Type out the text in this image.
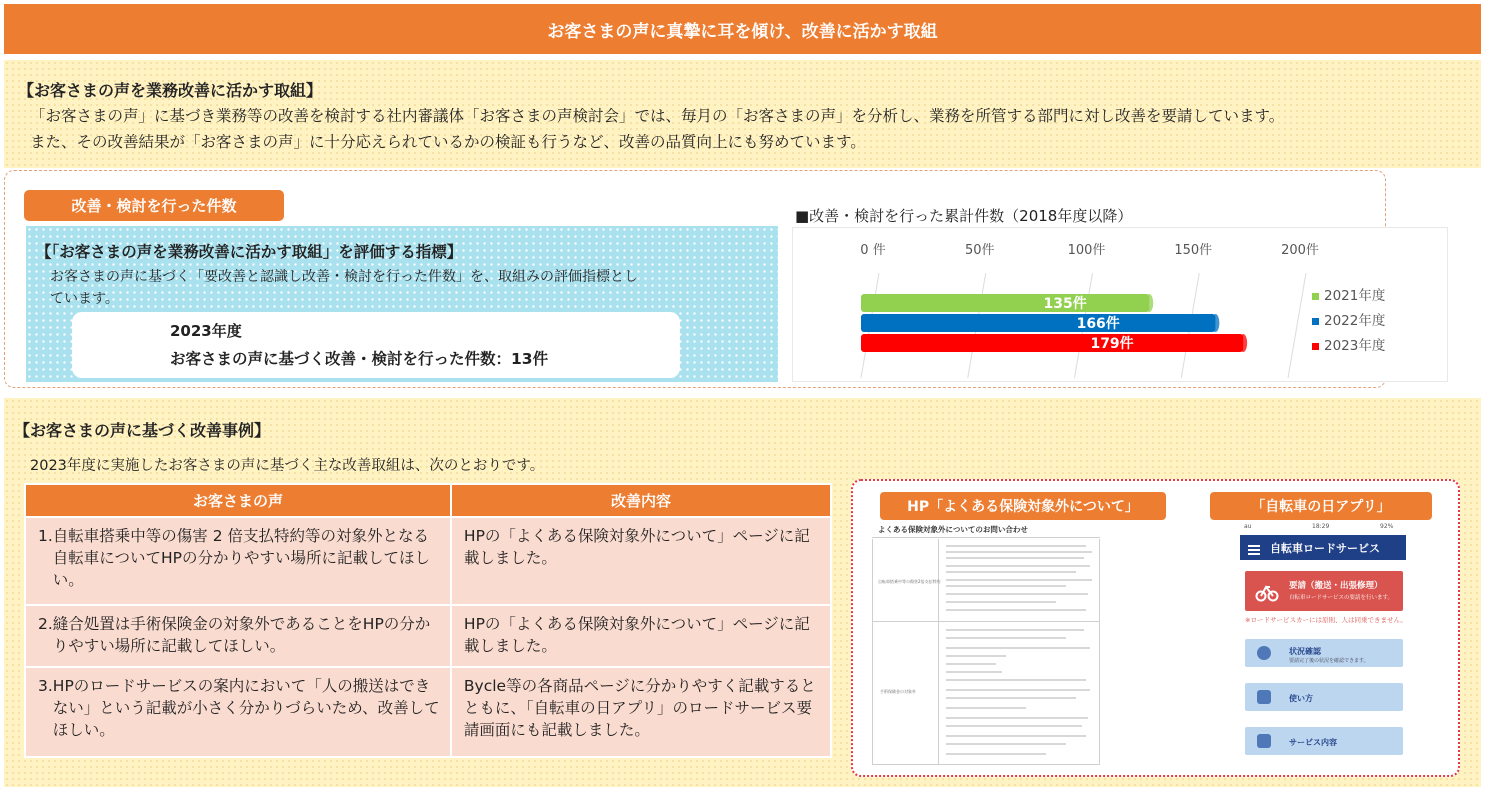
お客さまの声に真摯に耳を傾け、改善に活かす取組
【お客さまの声を業務改善に活かす取組】
「お客さまの声」に基づき業務等の改善を検討する社内審議体「お客さまの声検討会」では、毎月の「お客さまの声」を分析し、業務を所管する部門に対し改善を要請しています。
また、その改善結果が「お客さまの声」に十分応えられているかの検証も行うなど、改善の品質向上にも努めています。
改善・検討を行った件数
【「お客さまの声を業務改善に活かす取組」を評価する指標】
お客さまの声に基づく「要改善と認識し改善・検討を行った件数」を、取組みの評価指標とし
ています。
2023年度
お客さまの声に基づく改善・検討を行った件数：13件
■改善・検討を行った累計件数（2018年度以降）
0 件	50件	100件	150件	200件
135件
166件
179件
2021年度
2022年度
2023年度
【お客さまの声に基づく改善事例】
2023年度に実施したお客さまの声に基づく主な改善取組は、次のとおりです。
お客さまの声	改善内容

1. 自転車搭乗中等の傷害 2 倍支払特約等の対象外となる自転車についてHPの分かりやすい場所に記載してほしい。	HPの「よくある保険対象外について」ページに記載しました。

2. 縫合処置は手術保険金の対象外であることをHPの分かりやすい場所に記載してほしい。	HPの「よくある保険対象外について」ページに記載しました。

3. HPのロードサービスの案内において「人の搬送はできない」という記載が小さく分かりづらいため、改善してほしい。	Bycle等の各商品ページに分かりやすく記載するとともに、「自転車の日アプリ」のロードサービス要請画面にも記載しました。
HP「よくある保険対象外について」	「自転車の日アプリ」
よくある保険対象外についてのお問い合わせ
自転車搭乗中等の傷害2倍支払特約
手術保険金の対象外
au	18:29	92%
自転車ロードサービス
要請（搬送・出張修理）
自転車ロードサービスの要請を行います。
※ロードサービスカーには原則、人は同乗できません。
状況確認
要請完了後の状況を確認できます。
使い方
サービス内容
